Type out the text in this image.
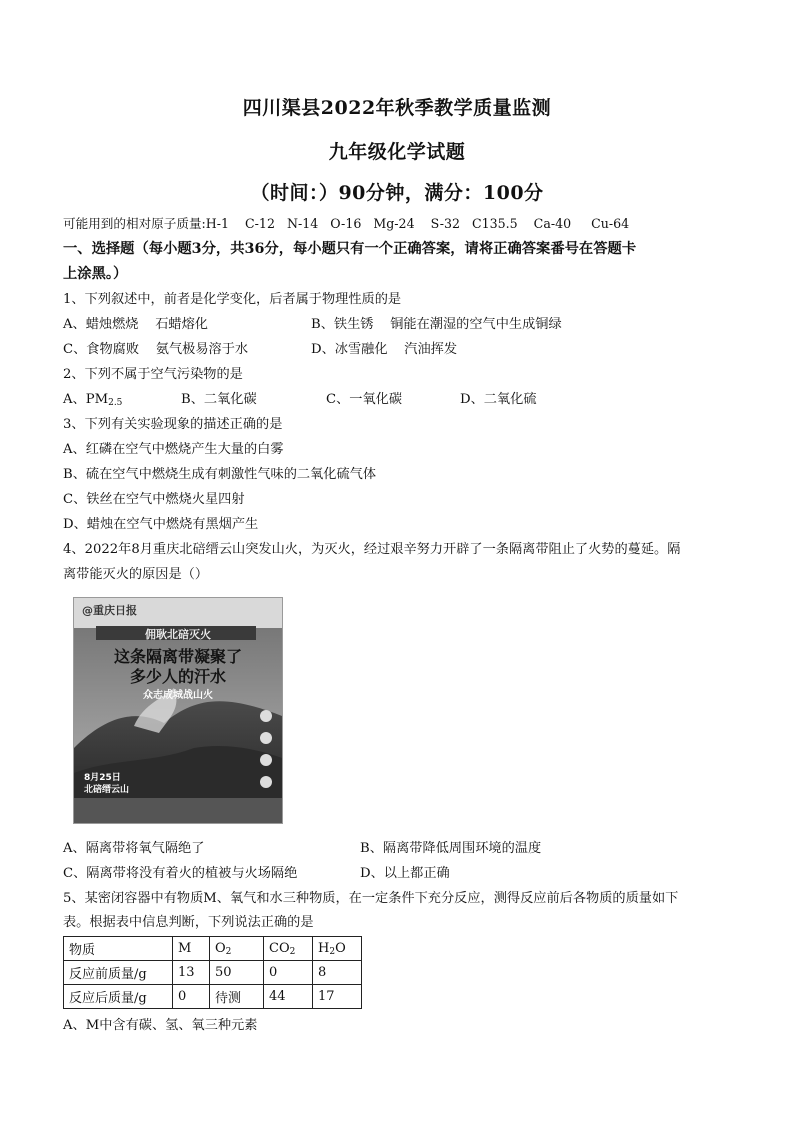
四川渠县2022年秋季教学质量监测
九年级化学试题
（时间：）90分钟，满分：100分
可能用到的相对原子质量:H-1    C-12   N-14   O-16   Mg-24    S-32   C135.5    Ca-40     Cu-64
一、选择题（每小题3分，共36分，每小题只有一个正确答案，请将正确答案番号在答题卡
上涂黑。）
1、下列叙述中，前者是化学变化，后者属于物理性质的是
A、蜡烛燃烧    石蜡熔化	B、铁生锈    铜能在潮湿的空气中生成铜绿
C、食物腐败    氨气极易溶于水	D、冰雪融化    汽油挥发
2、下列不属于空气污染物的是
A、$PM_{2.5}$	B、二氧化碳	C、一氧化碳	D、二氧化硫
3、下列有关实验现象的描述正确的是
A、红磷在空气中燃烧产生大量的白雾
B、硫在空气中燃烧生成有刺激性气味的二氧化硫气体
C、铁丝在空气中燃烧火星四射
D、蜡烛在空气中燃烧有黑烟产生
4、2022年8月重庆北碚缙云山突发山火，为灭火，经过艰辛努力开辟了一条隔离带阻止了火势的蔓延。隔
离带能灭火的原因是（）
@重庆日报
佣耿北碚灭火
这条隔离带凝聚了
多少人的汗水
众志成城战山火
8月25日
北碚缙云山
A、隔离带将氧气隔绝了	B、隔离带降低周围环境的温度
C、隔离带将没有着火的植被与火场隔绝	D、以上都正确
5、某密闭容器中有物质M、氧气和水三种物质，在一定条件下充分反应，测得反应前后各物质的质量如下
表。根据表中信息判断，下列说法正确的是
物质	M	$O_2$	$CO_2$	$H_2O$
反应前质量/g	13	50	0	8
反应后质量/g	0	待测	44	17
A、M中含有碳、氢、氧三种元素
